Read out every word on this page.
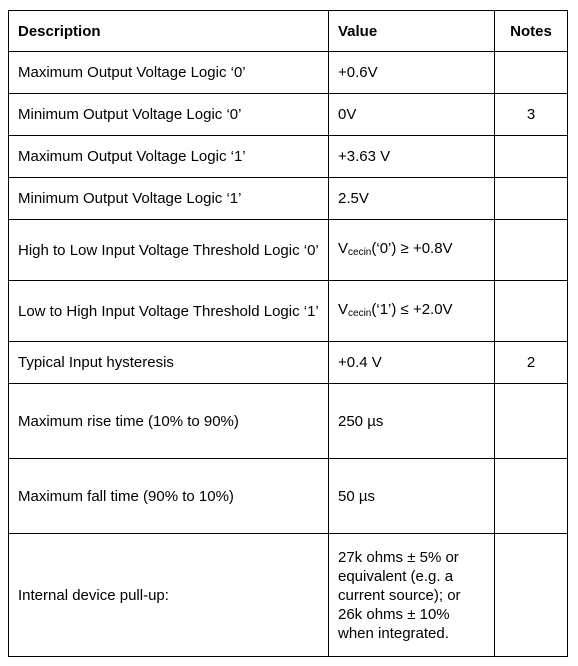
Description	Value	Notes
Maximum Output Voltage Logic ‘0’	+0.6V	
Minimum Output Voltage Logic ‘0’	0V	3
Maximum Output Voltage Logic ‘1’	+3.63 V	
Minimum Output Voltage Logic ‘1’	2.5V	
High to Low Input Voltage Threshold Logic ‘0’	$V_{cecin}(‘0’) \ge +0.8V$	
Low to High Input Voltage Threshold Logic ‘1’	$V_{cecin}(‘1’) \le +2.0V$	
Typical Input hysteresis	+0.4 V	2
Maximum rise time (10% to 90%)	250 µs	
Maximum fall time (90% to 10%)	50 µs	
Internal device pull-up:	27k ohms ± 5% or equivalent (e.g. a current source); or 26k ohms ± 10% when integrated.	
